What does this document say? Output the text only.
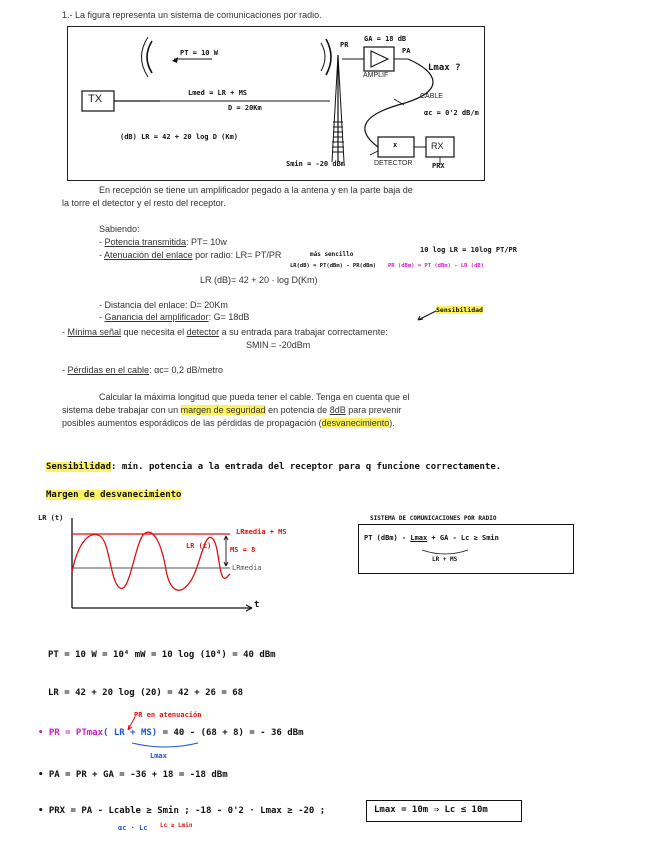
1.- La figura representa un sistema de comunicaciones por radio.
TX
PT = 10 W
Lmed = LR + MS
D = 20Km
(dB) LR = 42 + 20 log D (Km)
GA = 18 dB
AMPLIF
PR
PA
Lmax ?
CABLE
αc = 0'2 dB/m
x
DETECTOR
RX
Smin = -20 dBm	PRX
En recepción se tiene un amplificador pegado a la antena y en la parte baja de
la torre el detector y el resto del receptor.
Sabiendo:
- Potencia transmitida: PT= 10w
- Atenuación del enlace por radio: LR= PT/PR	más sencillo
10 log LR = 10log PT/PR
LR(dB) = PT(dBm) - PR(dBm) PR (dBm) = PT (dBm) - LR (dB)
LR (dB)= 42 + 20 · log D(Km)
- Distancia del enlace: D= 20Km
- Ganancia del amplificador: G= 18dB
Sensibilidad
- Mínima señal que necesita el detector a su entrada para trabajar correctamente:
SMIN = -20dBm
- Pérdidas en el cable: αc= 0,2 dB/metro
Calcular la máxima longitud que pueda tener el cable. Tenga en cuenta que el
sistema debe trabajar con un margen de seguridad en potencia de 8dB para prevenir
posibles aumentos esporádicos de las pérdidas de propagación (desvanecimiento).
Sensibilidad: mín. potencia a la entrada del receptor para q funcione correctamente.
Margen de desvanecimiento
LR (t)
t
LR (t)
LRmedia + MS
MS = 8
LRmedia
SISTEMA DE COMUNICACIONES POR RADIO
PT (dBm) - Lmax + GA - Lc ≥ Smin
LR + MS
PT = 10 W = 10⁴ mW = 10 log (10⁴) = 40 dBm
LR = 42 + 20 log (20) = 42 + 26 = 68
PR en atenuación
• PR = PTmax( LR + MS) = 40 - (68 + 8) = - 36 dBm
Lmax
• PA = PR + GA = -36 + 18 = -18 dBm
• PRX = PA - Lcable ≥ Smin ; -18 - 0'2 · Lmax ≥ -20 ;
αc · Lc Lc ≥ Lmin
Lmax = 10m ⇒ Lc ≤ 10m
